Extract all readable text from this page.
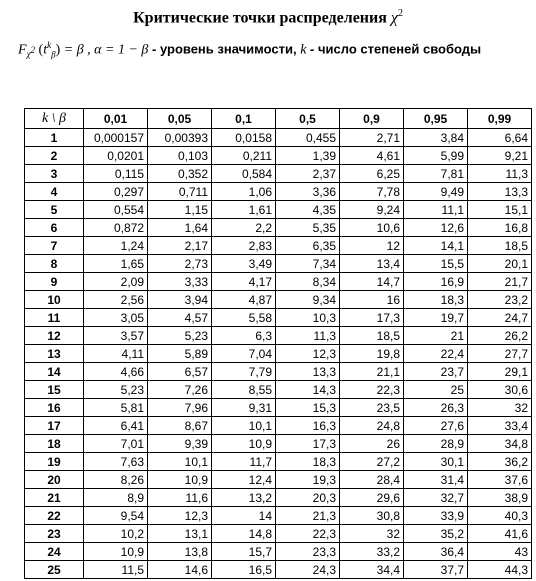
Критические точки распределения $\chi^2$
$F_{\chi^2}$ $(t^k_\beta) = \beta$ , α = 1 − β - уровень значимости, k - число степеней свободы
k \ β	0,01	0,05	0,1	0,5	0,9	0,95	0,99
1	0,000157	0,00393	0,0158	0,455	2,71	3,84	6,64
2	0,0201	0,103	0,211	1,39	4,61	5,99	9,21
3	0,115	0,352	0,584	2,37	6,25	7,81	11,3
4	0,297	0,711	1,06	3,36	7,78	9,49	13,3
5	0,554	1,15	1,61	4,35	9,24	11,1	15,1
6	0,872	1,64	2,2	5,35	10,6	12,6	16,8
7	1,24	2,17	2,83	6,35	12	14,1	18,5
8	1,65	2,73	3,49	7,34	13,4	15,5	20,1
9	2,09	3,33	4,17	8,34	14,7	16,9	21,7
10	2,56	3,94	4,87	9,34	16	18,3	23,2
11	3,05	4,57	5,58	10,3	17,3	19,7	24,7
12	3,57	5,23	6,3	11,3	18,5	21	26,2
13	4,11	5,89	7,04	12,3	19,8	22,4	27,7
14	4,66	6,57	7,79	13,3	21,1	23,7	29,1
15	5,23	7,26	8,55	14,3	22,3	25	30,6
16	5,81	7,96	9,31	15,3	23,5	26,3	32
17	6,41	8,67	10,1	16,3	24,8	27,6	33,4
18	7,01	9,39	10,9	17,3	26	28,9	34,8
19	7,63	10,1	11,7	18,3	27,2	30,1	36,2
20	8,26	10,9	12,4	19,3	28,4	31,4	37,6
21	8,9	11,6	13,2	20,3	29,6	32,7	38,9
22	9,54	12,3	14	21,3	30,8	33,9	40,3
23	10,2	13,1	14,8	22,3	32	35,2	41,6
24	10,9	13,8	15,7	23,3	33,2	36,4	43
25	11,5	14,6	16,5	24,3	34,4	37,7	44,3
